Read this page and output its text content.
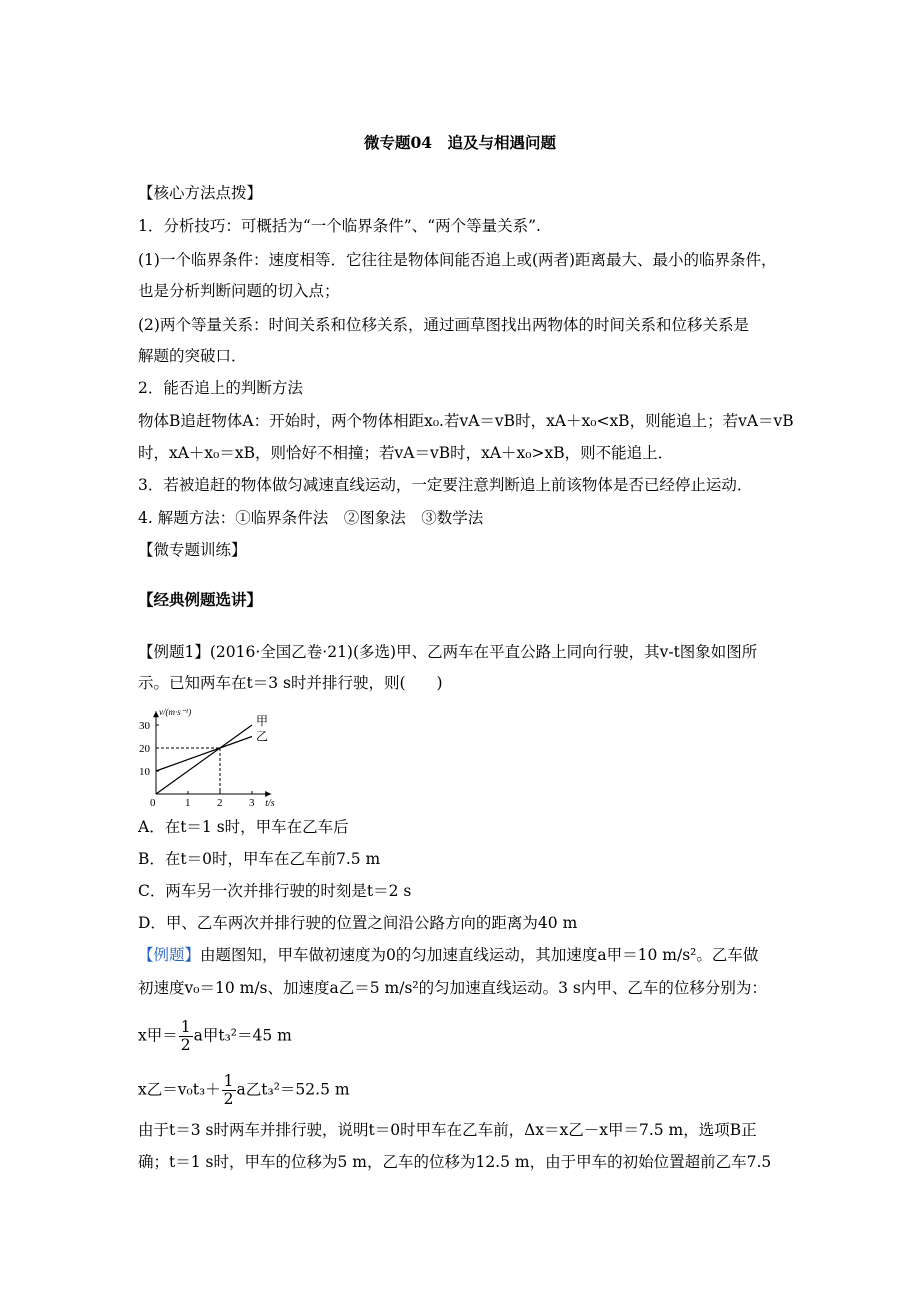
微专题04　追及与相遇问题
【核心方法点拨】
1．分析技巧：可概括为“一个临界条件”、“两个等量关系”.
(1)一个临界条件：速度相等．它往往是物体间能否追上或(两者)距离最大、最小的临界条件，
也是分析判断问题的切入点；
(2)两个等量关系：时间关系和位移关系，通过画草图找出两物体的时间关系和位移关系是
解题的突破口．
2．能否追上的判断方法
物体B追赶物体A：开始时，两个物体相距x₀.若vA＝vB时，xA＋x₀<xB，则能追上；若vA＝vB
时，xA＋x₀＝xB，则恰好不相撞；若vA＝vB时，xA＋x₀>xB，则不能追上．
3．若被追赶的物体做匀减速直线运动，一定要注意判断追上前该物体是否已经停止运动．
4. 解题方法：①临界条件法　②图象法　③数学法
【微专题训练】
【经典例题选讲】
【例题1】(2016·全国乙卷·21)(多选)甲、乙两车在平直公路上同向行驶，其v-t图象如图所
示。已知两车在t＝3 s时并排行驶，则(　　)
v/(m·s⁻¹)
t/s
0	1 2 3
10
20
30	甲
乙
A．在t＝1 s时，甲车在乙车后
B．在t＝0时，甲车在乙车前7.5 m
C．两车另一次并排行驶的时刻是t＝2 s
D．甲、乙车两次并排行驶的位置之间沿公路方向的距离为40 m
【例题】由题图知，甲车做初速度为0的匀加速直线运动，其加速度a甲＝10 m/s²。乙车做
初速度v₀＝10 m/s、加速度a乙＝5 m/s²的匀加速直线运动。3 s内甲、乙车的位移分别为：
x甲＝ $\frac{1}{2}$ a甲t₃²＝45 m
x乙$=v_0t_3+ \frac{1}{2}$ a乙t₃²＝52.5 m
由于t＝3 s时两车并排行驶，说明t＝0时甲车在乙车前，Δx＝x乙－x甲＝7.5 m，选项B正
确；t＝1 s时，甲车的位移为5 m，乙车的位移为12.5 m，由于甲车的初始位置超前乙车7.5
